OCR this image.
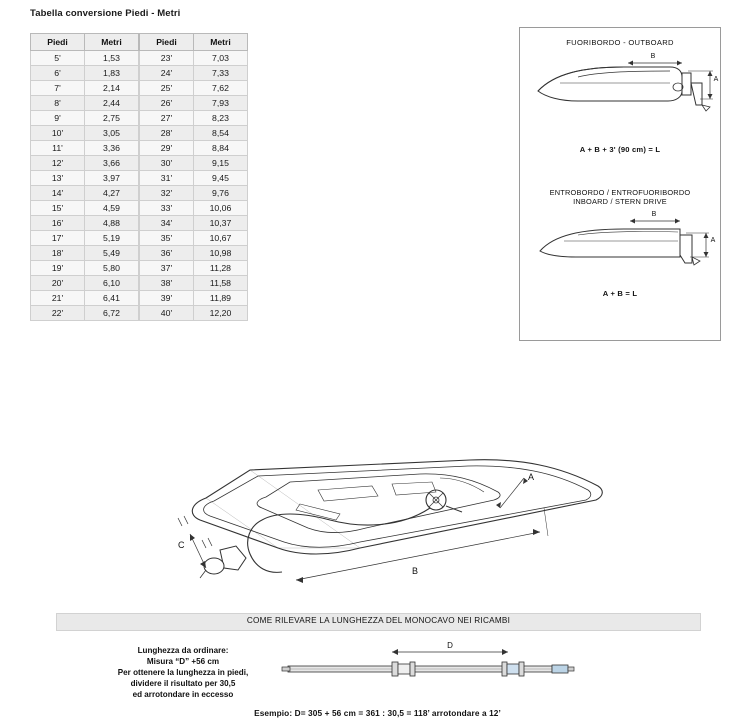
Tabella conversione Piedi - Metri
Piedi	Metri		Piedi	Metri
5'	1,53		23'	7,03
6'	1,83		24'	7,33
7'	2,14		25'	7,62
8'	2,44		26'	7,93
9'	2,75		27'	8,23
10'	3,05		28'	8,54
11'	3,36		29'	8,84
12'	3,66		30'	9,15
13'	3,97		31'	9,45
14'	4,27		32'	9,76
15'	4,59		33'	10,06
16'	4,88		34'	10,37
17'	5,19		35'	10,67
18'	5,49		36'	10,98
19'	5,80		37'	11,28
20'	6,10		38'	11,58
21'	6,41		39'	11,89
22'	6,72		40'	12,20
FUORIBORDO - OUTBOARD
B
A
A + B + 3' (90 cm) = L
ENTROBORDO / ENTROFUORIBORDO
INBOARD / STERN DRIVE
B
A
A + B = L
A
B
C
COME RILEVARE LA LUNGHEZZA DEL MONOCAVO NEI RICAMBI
Lunghezza da ordinare:
Misura “D” +56 cm
Per ottenere la lunghezza in piedi,
dividere il risultato per 30,5
ed arrotondare in eccesso
D
Esempio: D= 305 + 56 cm = 361 : 30,5 = 118’ arrotondare a 12’
